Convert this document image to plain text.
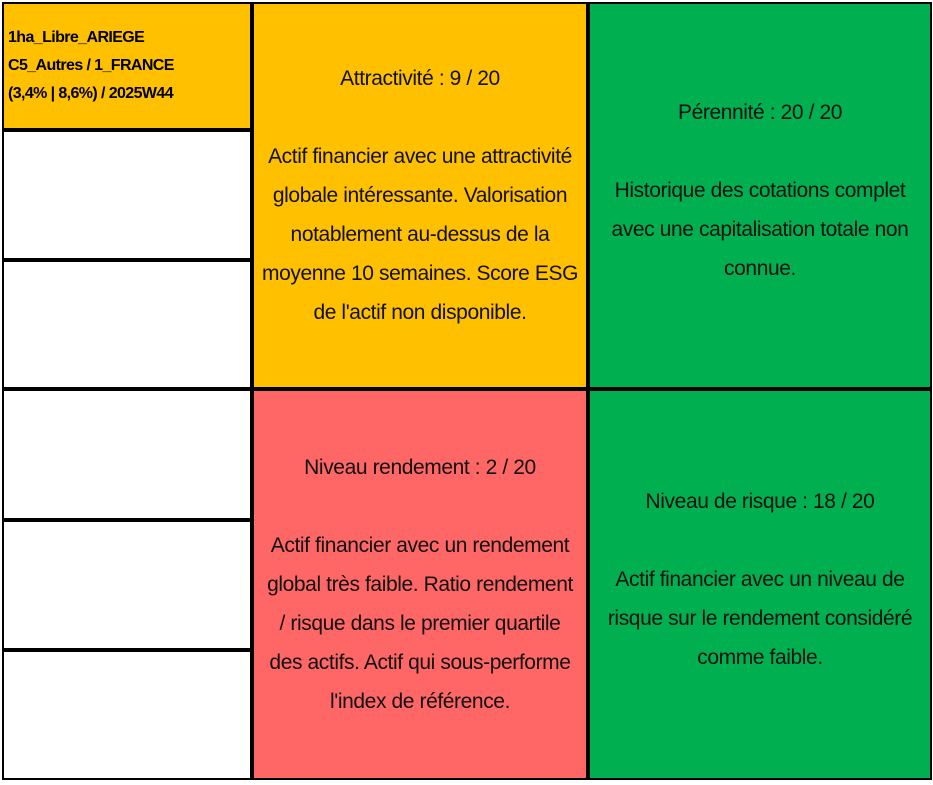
1ha_Libre_ARIEGE
C5_Autres / 1_FRANCE
(3,4% | 8,6%) / 2025W44
Attractivité : 9 / 20
Actif financier avec une attractivité globale intéressante. Valorisation notablement au-dessus de la moyenne 10 semaines. Score ESG de l'actif non disponible.
Pérennité : 20 / 20
Historique des cotations complet avec une capitalisation totale non connue.
Niveau rendement : 2 / 20
Actif financier avec un rendement global très faible. Ratio rendement / risque dans le premier quartile des actifs. Actif qui sous-performe l'index de référence.
Niveau de risque : 18 / 20
Actif financier avec un niveau de risque sur le rendement considéré comme faible.
